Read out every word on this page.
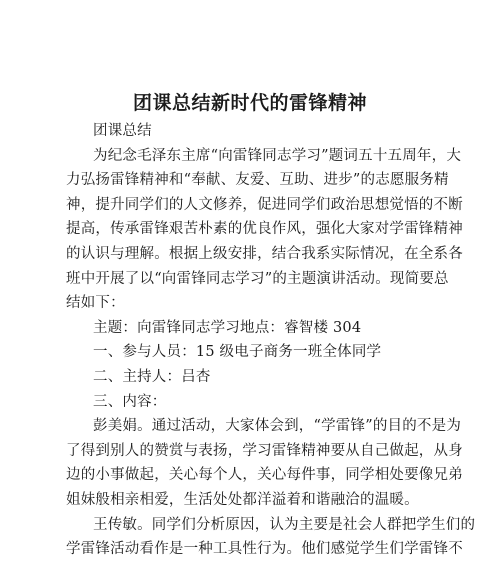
团课总结新时代的雷锋精神
团课总结
为纪念毛泽东主席“向雷锋同志学习”题词五十五周年，大
力弘扬雷锋精神和“奉献、友爱、互助、进步”的志愿服务精
神，提升同学们的人文修养，促进同学们政治思想觉悟的不断
提高，传承雷锋艰苦朴素的优良作风，强化大家对学雷锋精神
的认识与理解。根据上级安排，结合我系实际情况，在全系各
班中开展了以“向雷锋同志学习”的主题演讲活动。现简要总
结如下：
主题：向雷锋同志学习地点：睿智楼 304
一、参与人员：15 级电子商务一班全体同学
二、主持人：吕杏
三、内容：
彭美娟。通过活动，大家体会到，“学雷锋”的目的不是为
了得到别人的赞赏与表扬，学习雷锋精神要从自己做起，从身
边的小事做起，关心每个人，关心每件事，同学相处要像兄弟
姐妹般相亲相爱，生活处处都洋溢着和谐融洽的温暖。
王传敏。同学们分析原因，认为主要是社会人群把学生们的
学雷锋活动看作是一种工具性行为。他们感觉学生们学雷锋不
